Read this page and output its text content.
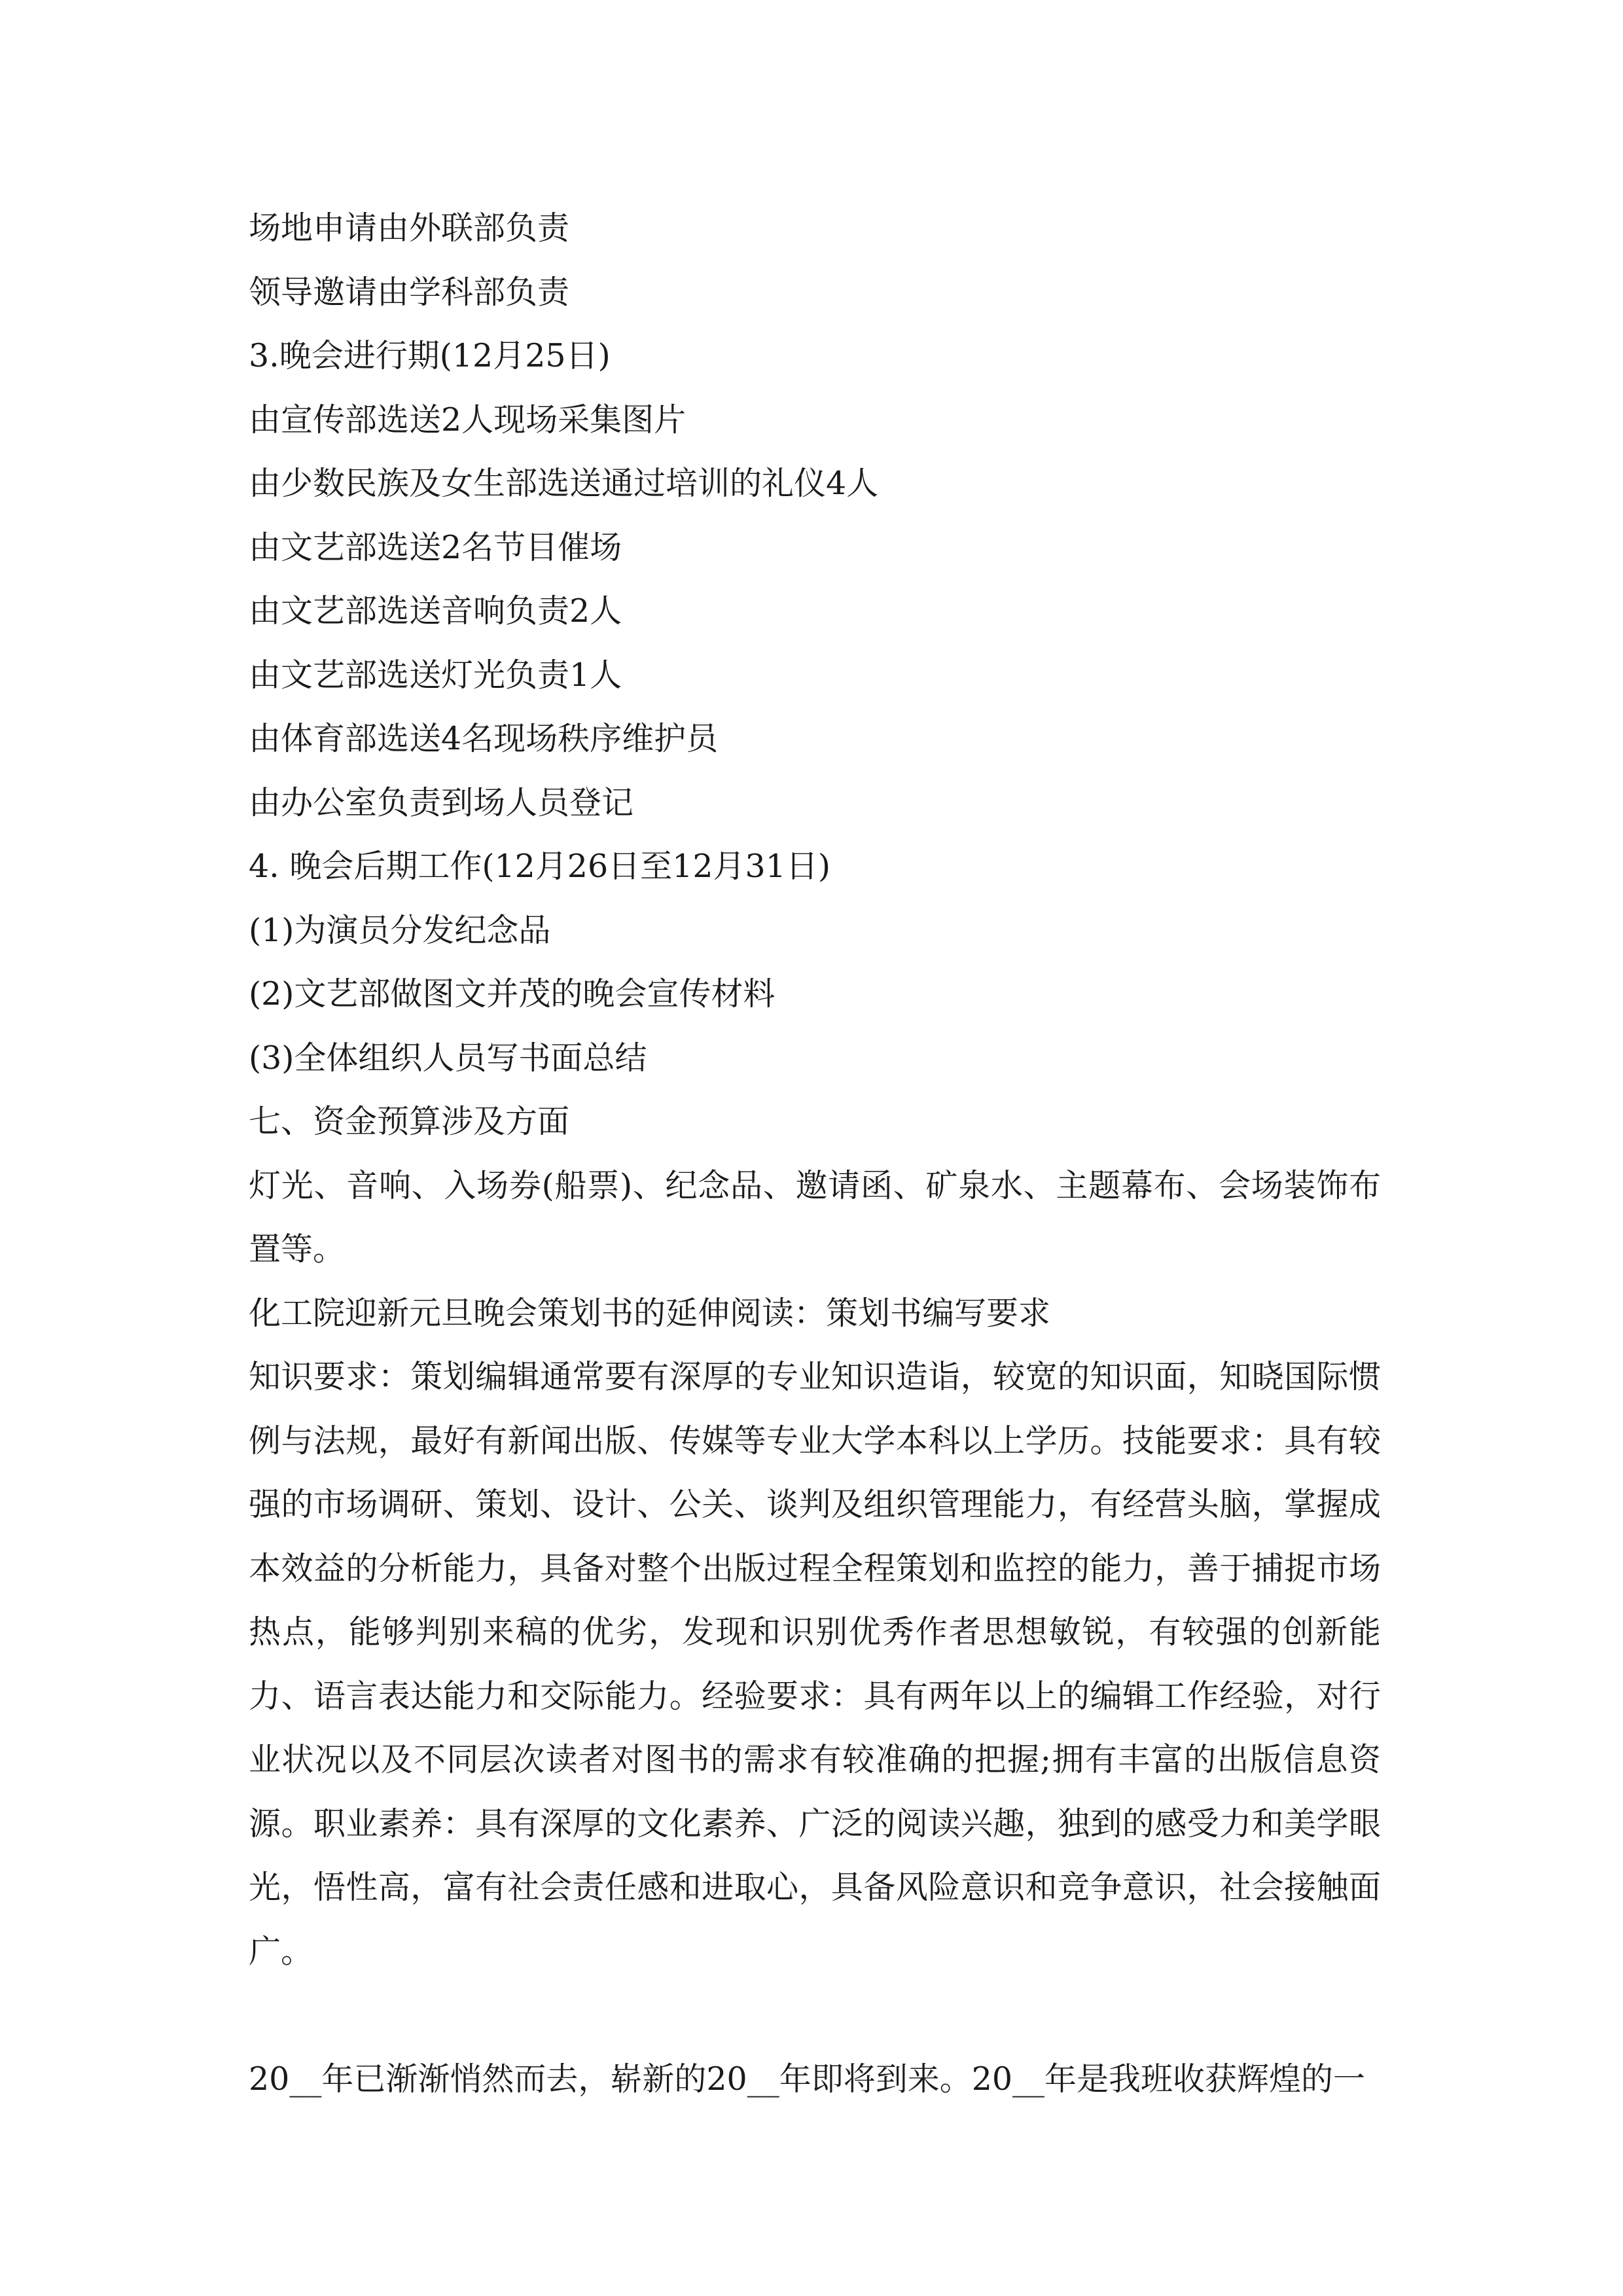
场地申请由外联部负责
领导邀请由学科部负责
3.晚会进行期(12月25日)
由宣传部选送2人现场采集图片
由少数民族及女生部选送通过培训的礼仪4人
由文艺部选送2名节目催场
由文艺部选送音响负责2人
由文艺部选送灯光负责1人
由体育部选送4名现场秩序维护员
由办公室负责到场人员登记
4. 晚会后期工作(12月26日至12月31日)
(1)为演员分发纪念品
(2)文艺部做图文并茂的晚会宣传材料
(3)全体组织人员写书面总结
七、资金预算涉及方面
灯光、音响、入场券(船票)、纪念品、邀请函、矿泉水、主题幕布、会场装饰布置等。
化工院迎新元旦晚会策划书的延伸阅读：策划书编写要求
知识要求：策划编辑通常要有深厚的专业知识造诣，较宽的知识面，知晓国际惯例与法规，最好有新闻出版、传媒等专业大学本科以上学历。技能要求：具有较强的市场调研、策划、设计、公关、谈判及组织管理能力，有经营头脑，掌握成本效益的分析能力，具备对整个出版过程全程策划和监控的能力，善于捕捉市场热点，能够判别来稿的优劣，发现和识别优秀作者思想敏锐，有较强的创新能力、语言表达能力和交际能力。经验要求：具有两年以上的编辑工作经验，对行业状况以及不同层次读者对图书的需求有较准确的把握;拥有丰富的出版信息资源。职业素养：具有深厚的文化素养、广泛的阅读兴趣，独到的感受力和美学眼光，悟性高，富有社会责任感和进取心，具备风险意识和竞争意识，社会接触面广。
20__年已渐渐悄然而去，崭新的20__年即将到来。20__年是我班收获辉煌的一
